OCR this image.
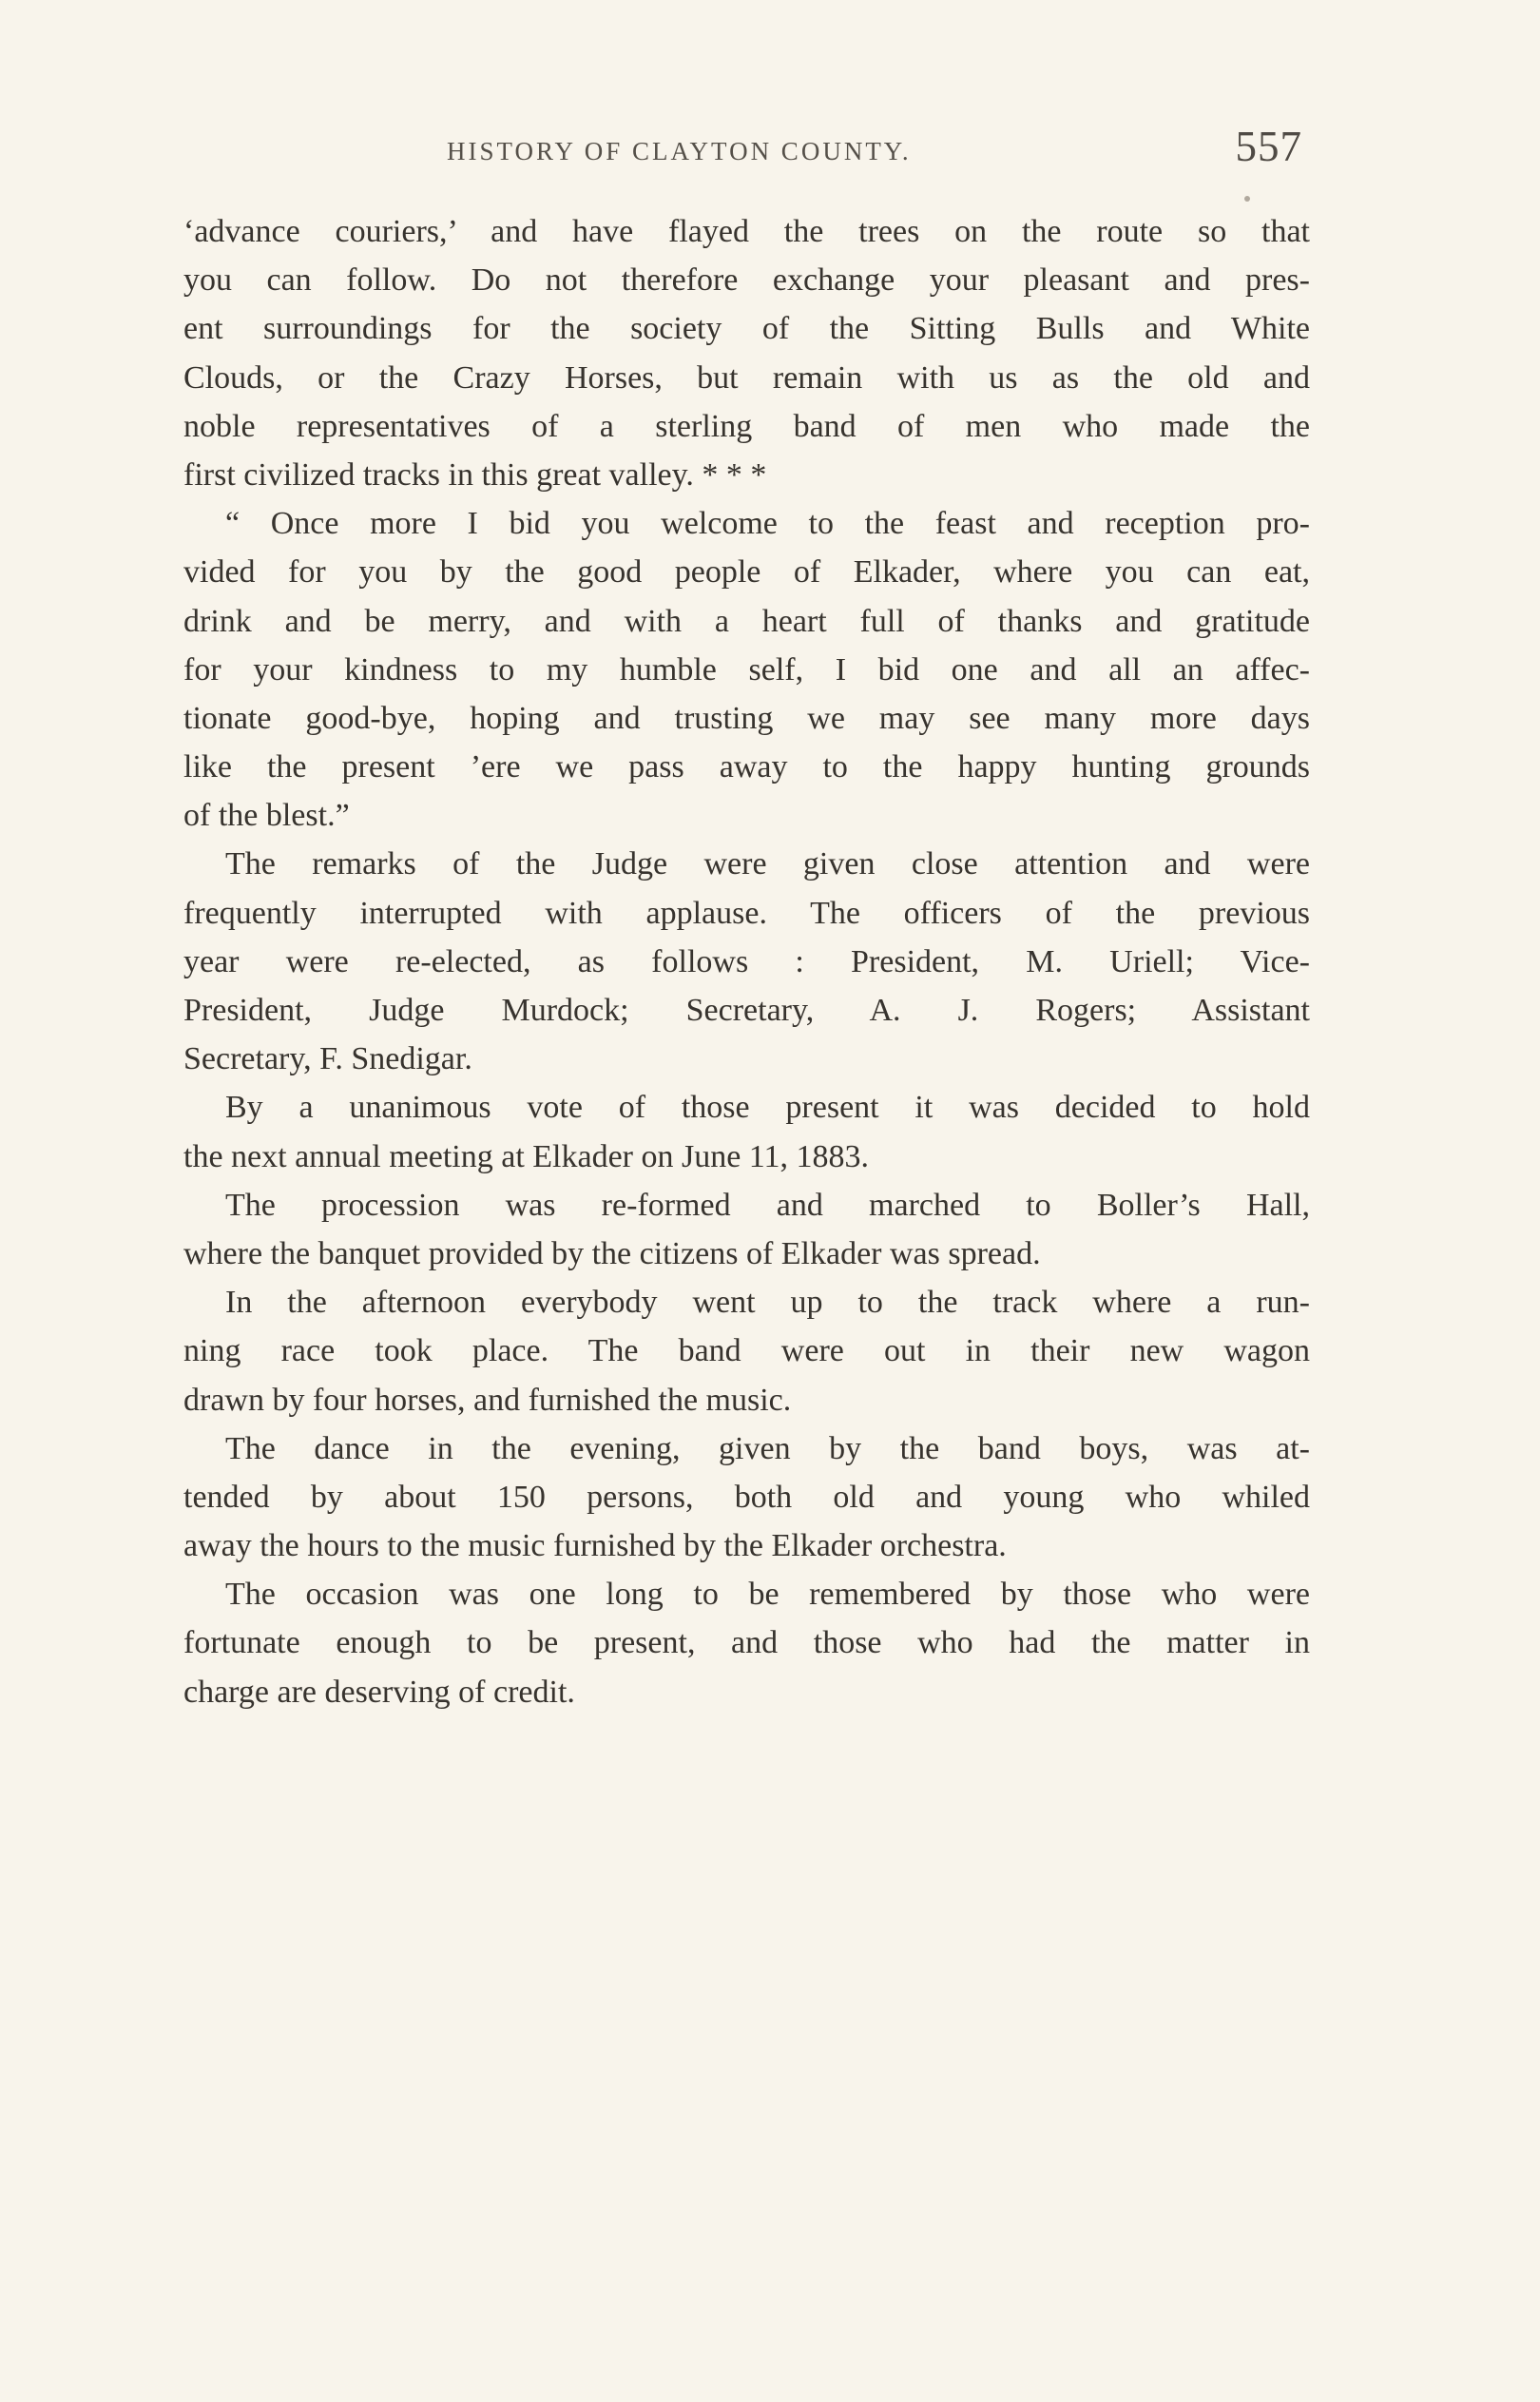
HISTORY OF CLAYTON COUNTY.	557
‘advance couriers,’ and have flayed the trees on the route so that
you can follow. Do not therefore exchange your pleasant and pres-
ent surroundings for the society of the Sitting Bulls and White
Clouds, or the Crazy Horses, but remain with us as the old and
noble representatives of a sterling band of men who made the
first civilized tracks in this great valley. * * *
“ Once more I bid you welcome to the feast and reception pro-
vided for you by the good people of Elkader, where you can eat,
drink and be merry, and with a heart full of thanks and gratitude
for your kindness to my humble self, I bid one and all an affec-
tionate good-bye, hoping and trusting we may see many more days
like the present ’ere we pass away to the happy hunting grounds
of the blest.”
The remarks of the Judge were given close attention and were
frequently interrupted with applause. The officers of the previous
year were re-elected, as follows : President, M. Uriell; Vice-
President, Judge Murdock; Secretary, A. J. Rogers; Assistant
Secretary, F. Snedigar.
By a unanimous vote of those present it was decided to hold
the next annual meeting at Elkader on June 11, 1883.
The procession was re-formed and marched to Boller’s Hall,
where the banquet provided by the citizens of Elkader was spread.
In the afternoon everybody went up to the track where a run-
ning race took place. The band were out in their new wagon
drawn by four horses, and furnished the music.
The dance in the evening, given by the band boys, was at-
tended by about 150 persons, both old and young who whiled
away the hours to the music furnished by the Elkader orchestra.
The occasion was one long to be remembered by those who were
fortunate enough to be present, and those who had the matter in
charge are deserving of credit.
